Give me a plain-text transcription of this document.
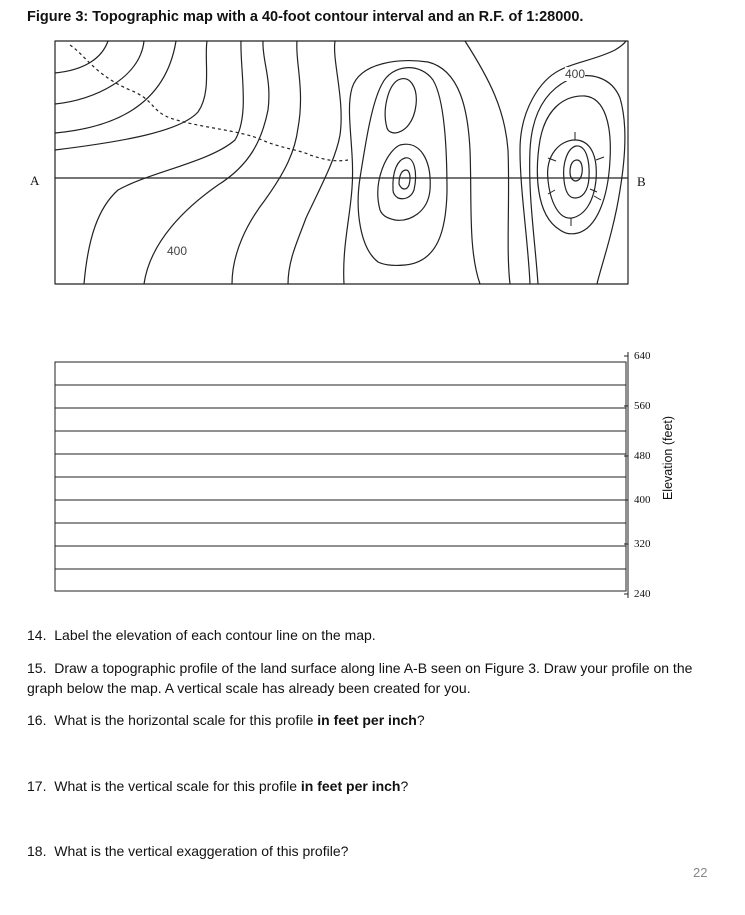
Figure 3: Topographic map with a 40-foot contour interval and an R.F. of 1:28000.
A	B
400
400
640
560
480
400
320
240
Elevation (feet)
14. Label the elevation of each contour line on the map.
15. Draw a topographic profile of the land surface along line A-B seen on Figure 3. Draw your profile on the graph below the map. A vertical scale has already been created for you.
16. What is the horizontal scale for this profile in feet per inch?
17. What is the vertical scale for this profile in feet per inch?
18. What is the vertical exaggeration of this profile?
22
